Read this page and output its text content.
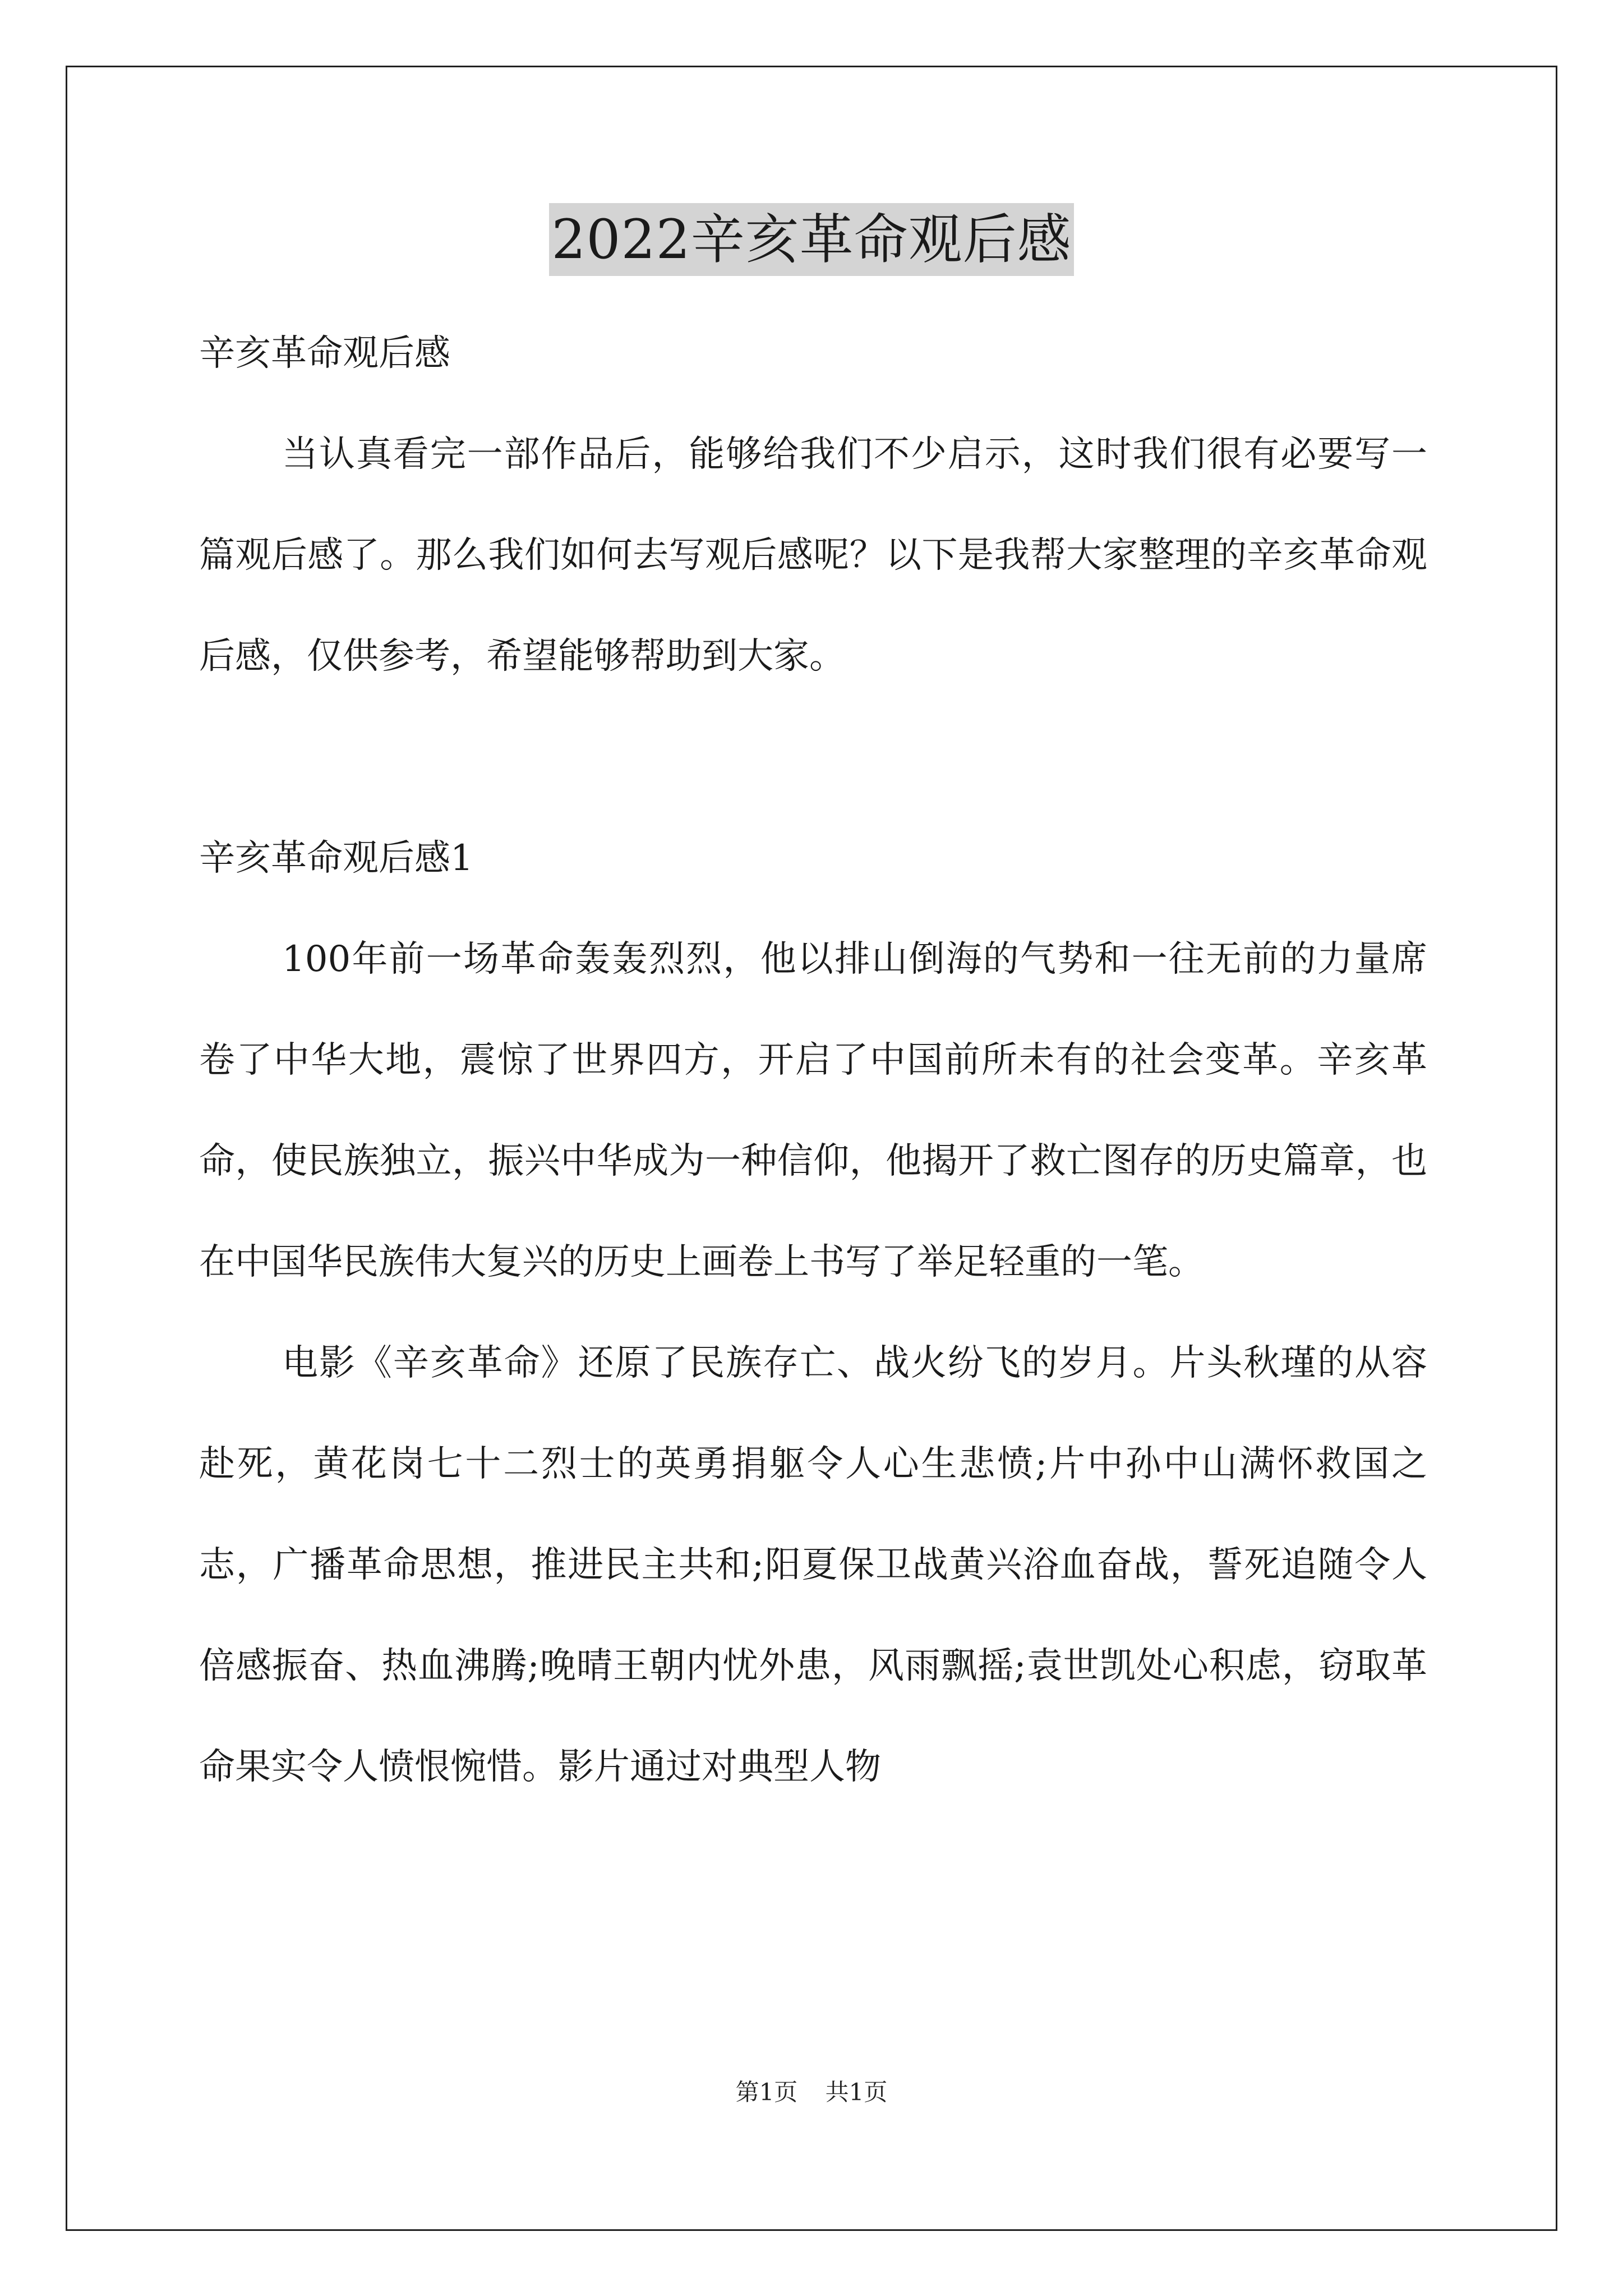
2022辛亥革命观后感

辛亥革命观后感

当认真看完一部作品后，能够给我们不少启示，这时我们很有必要写一篇观后感了。那么我们如何去写观后感呢？以下是我帮大家整理的辛亥革命观后感，仅供参考，希望能够帮助到大家。

辛亥革命观后感1

100年前一场革命轰轰烈烈，他以排山倒海的气势和一往无前的力量席卷了中华大地，震惊了世界四方，开启了中国前所未有的社会变革。辛亥革命，使民族独立，振兴中华成为一种信仰，他揭开了救亡图存的历史篇章，也在中国华民族伟大复兴的历史上画卷上书写了举足轻重的一笔。

电影《辛亥革命》还原了民族存亡、战火纷飞的岁月。片头秋瑾的从容赴死，黄花岗七十二烈士的英勇捐躯令人心生悲愤;片中孙中山满怀救国之志，广播革命思想，推进民主共和;阳夏保卫战黄兴浴血奋战，誓死追随令人倍感振奋、热血沸腾;晚晴王朝内忧外患，风雨飘摇;袁世凯处心积虑，窃取革命果实令人愤恨惋惜。影片通过对典型人物

第1页 共1页
